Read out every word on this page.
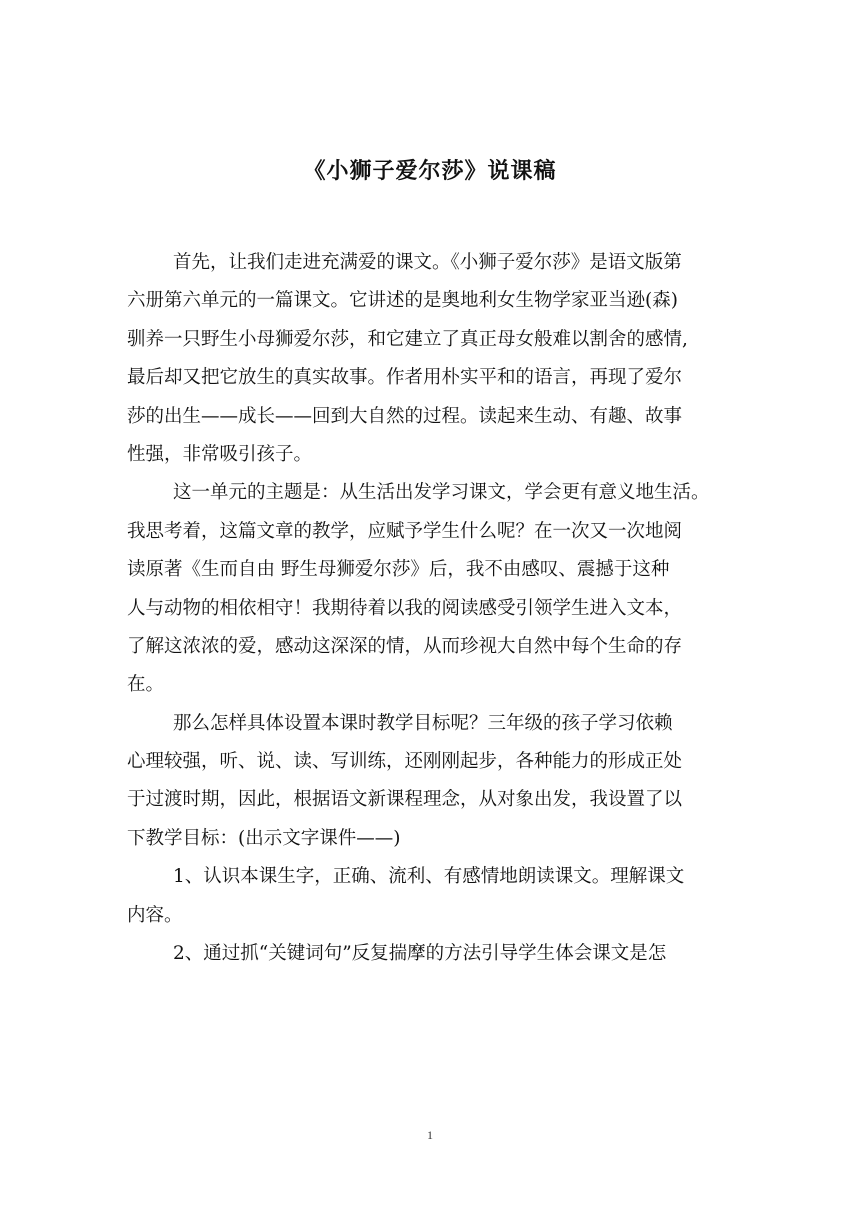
《小狮子爱尔莎》说课稿
首先，让我们走进充满爱的课文。《小狮子爱尔莎》是语文版第
六册第六单元的一篇课文。它讲述的是奥地利女生物学家亚当逊(森)
驯养一只野生小母狮爱尔莎，和它建立了真正母女般难以割舍的感情,
最后却又把它放生的真实故事。作者用朴实平和的语言，再现了爱尔
莎的出生——成长——回到大自然的过程。读起来生动、有趣、故事
性强，非常吸引孩子。
这一单元的主题是：从生活出发学习课文，学会更有意义地生活。
我思考着，这篇文章的教学，应赋予学生什么呢？在一次又一次地阅
读原著《生而自由 野生母狮爱尔莎》后，我不由感叹、震撼于这种
人与动物的相依相守！我期待着以我的阅读感受引领学生进入文本，
了解这浓浓的爱，感动这深深的情，从而珍视大自然中每个生命的存
在。
那么怎样具体设置本课时教学目标呢？三年级的孩子学习依赖
心理较强，听、说、读、写训练，还刚刚起步，各种能力的形成正处
于过渡时期，因此，根据语文新课程理念，从对象出发，我设置了以
下教学目标：(出示文字课件——)
1、认识本课生字，正确、流利、有感情地朗读课文。理解课文
内容。
2、通过抓“关键词句”反复揣摩的方法引导学生体会课文是怎
1
